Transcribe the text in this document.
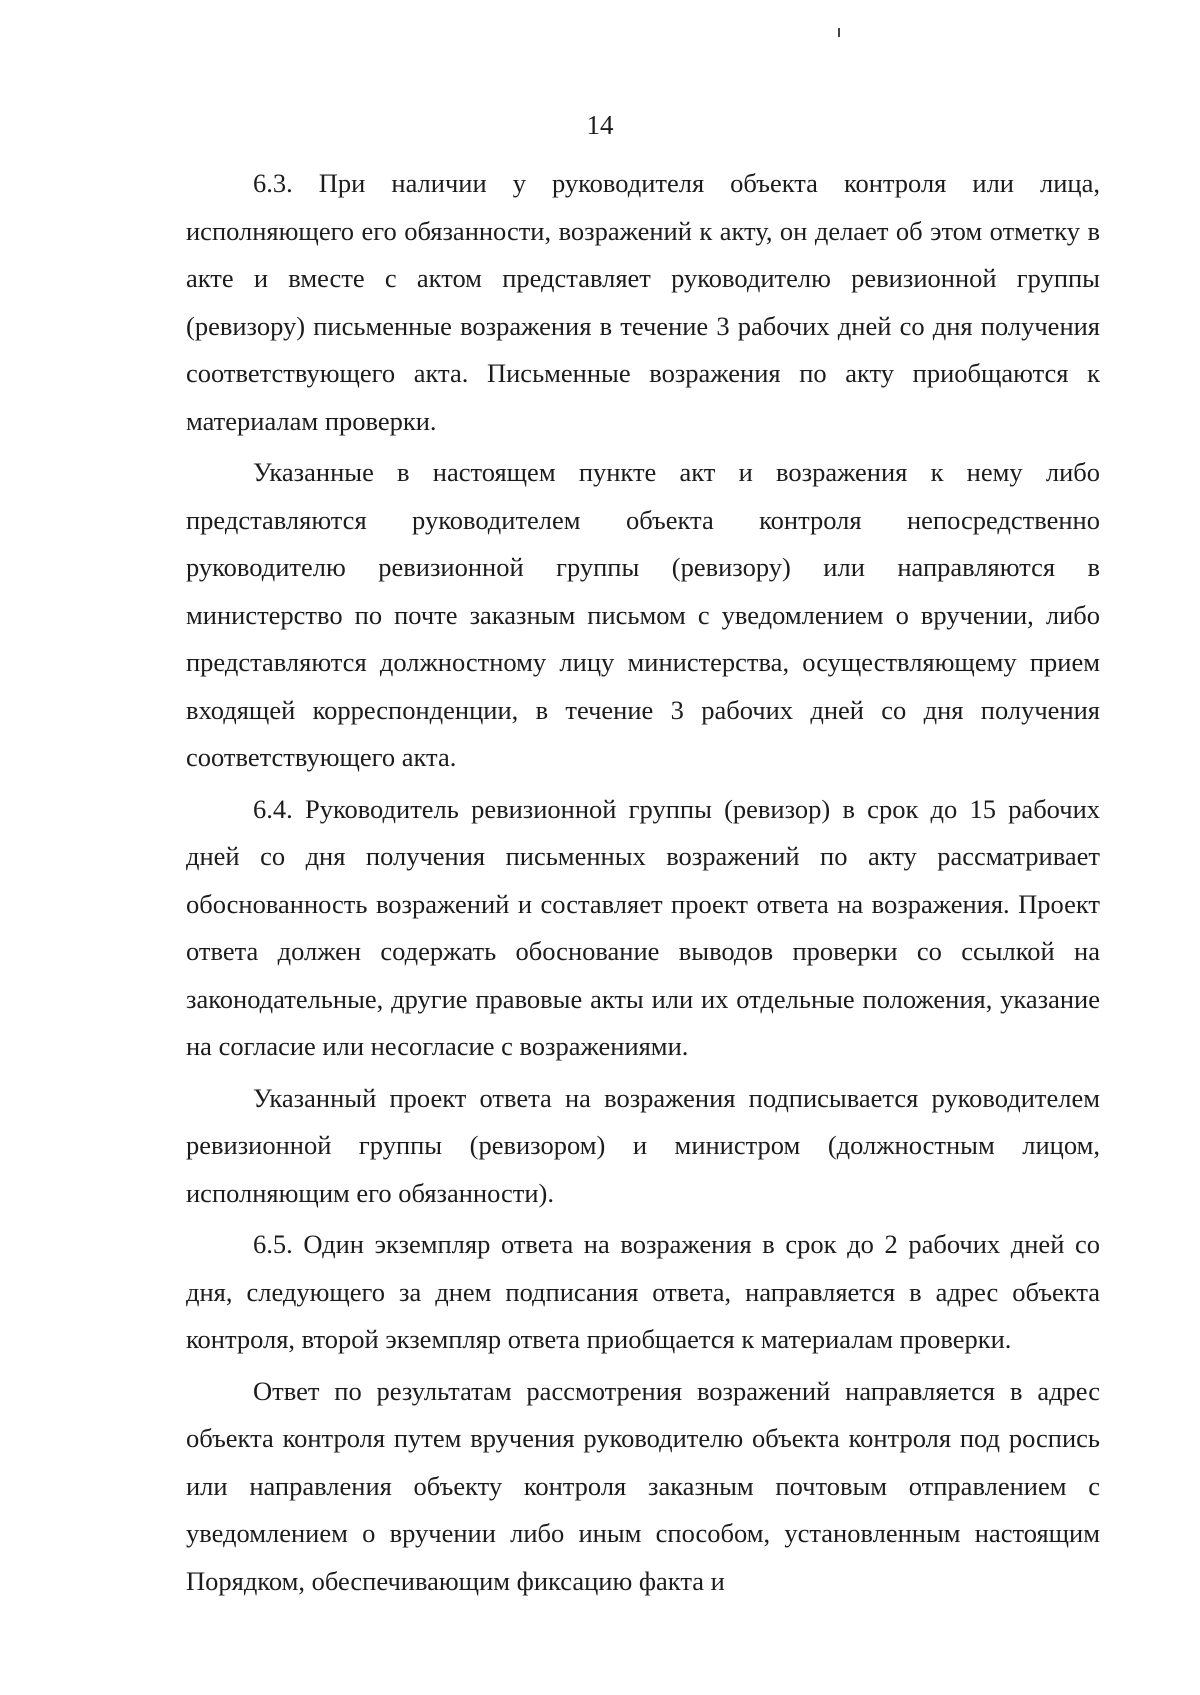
14

6.3. При наличии у руководителя объекта контроля или лица, исполняющего его обязанности, возражений к акту, он делает об этом отметку в акте и вместе с актом представляет руководителю ревизионной группы (ревизору) письменные возражения в течение 3 рабочих дней со дня получения соответствующего акта. Письменные возражения по акту приобщаются к материалам проверки.

Указанные в настоящем пункте акт и возражения к нему либо представляются руководителем объекта контроля непосредственно руководителю ревизионной группы (ревизору) или направляются в министерство по почте заказным письмом с уведомлением о вручении, либо представляются должностному лицу министерства, осуществляющему прием входящей корреспонденции, в течение 3 рабочих дней со дня получения соответствующего акта.

6.4. Руководитель ревизионной группы (ревизор) в срок до 15 рабочих дней со дня получения письменных возражений по акту рассматривает обоснованность возражений и составляет проект ответа на возражения. Проект ответа должен содержать обоснование выводов проверки со ссылкой на законодательные, другие правовые акты или их отдельные положения, указание на согласие или несогласие с возражениями.

Указанный проект ответа на возражения подписывается руководителем ревизионной группы (ревизором) и министром (должностным лицом, исполняющим его обязанности).

6.5. Один экземпляр ответа на возражения в срок до 2 рабочих дней со дня, следующего за днем подписания ответа, направляется в адрес объекта контроля, второй экземпляр ответа приобщается к материалам проверки.

Ответ по результатам рассмотрения возражений направляется в адрес объекта контроля путем вручения руководителю объекта контроля под роспись или направления объекту контроля заказным почтовым отправлением с уведомлением о вручении либо иным способом, установленным настоящим Порядком, обеспечивающим фиксацию факта и
